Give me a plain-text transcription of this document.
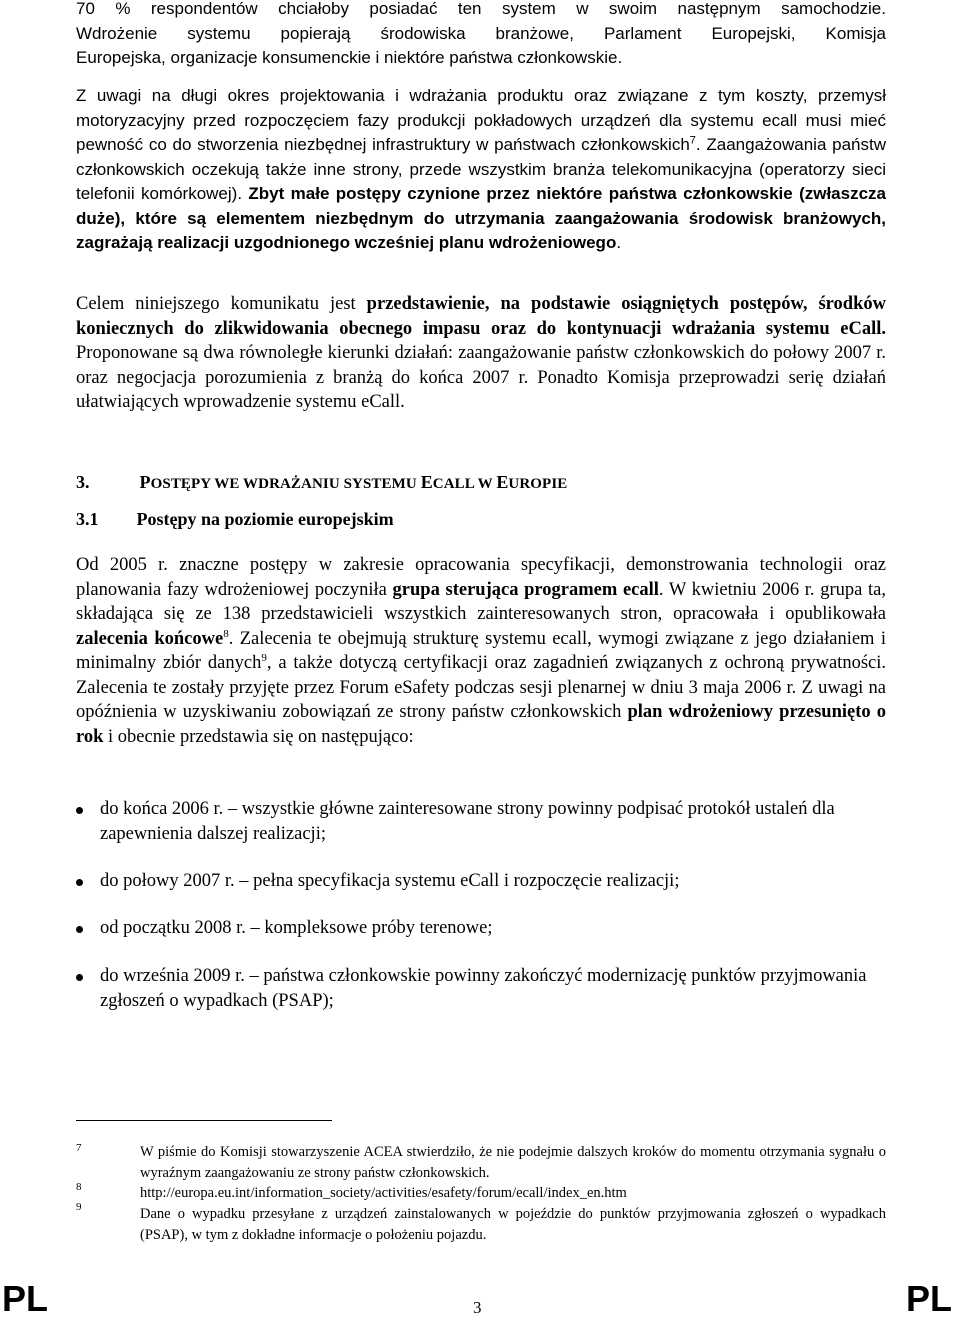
70 % respondentów chciałoby posiadać ten system w swoim następnym samochodzie.

Wdrożenie systemu popierają środowiska branżowe, Parlament Europejski, Komisja

Europejska, organizacje konsumenckie i niektóre państwa członkowskie.

Z uwagi na długi okres projektowania i wdrażania produktu oraz związane z tym koszty, przemysł motoryzacyjny przed rozpoczęciem fazy produkcji pokładowych urządzeń dla systemu ecall musi mieć pewność co do stworzenia niezbędnej infrastruktury w państwach członkowskich$^7$. Zaangażowania państw członkowskich oczekują także inne strony, przede wszystkim branża telekomunikacyjna (operatorzy sieci telefonii komórkowej). Zbyt małe postępy czynione przez niektóre państwa członkowskie (zwłaszcza duże), które są elementem niezbędnym do utrzymania zaangażowania środowisk branżowych, zagrażają realizacji uzgodnionego wcześniej planu wdrożeniowego.

Celem niniejszego komunikatu jest przedstawienie, na podstawie osiągniętych postępów, środków koniecznych do zlikwidowania obecnego impasu oraz do kontynuacji wdrażania systemu eCall. Proponowane są dwa równoległe kierunki działań: zaangażowanie państw członkowskich do połowy 2007 r. oraz negocjacja porozumienia z branżą do końca 2007 r. Ponadto Komisja przeprowadzi serię działań ułatwiających wprowadzenie systemu eCall.

3.	POSTĘPY WE WDRAŻANIU SYSTEMU ECALL W EUROPIE
3.1 Postępy na poziomie europejskim

Od 2005 r. znaczne postępy w zakresie opracowania specyfikacji, demonstrowania technologii oraz planowania fazy wdrożeniowej poczyniła grupa sterująca programem ecall. W kwietniu 2006 r. grupa ta, składająca się ze 138 przedstawicieli wszystkich zainteresowanych stron, opracowała i opublikowała zalecenia końcowe$^8$. Zalecenia te obejmują strukturę systemu ecall, wymogi związane z jego działaniem i minimalny zbiór danych$^9$, a także dotyczą certyfikacji oraz zagadnień związanych z ochroną prywatności. Zalecenia te zostały przyjęte przez Forum eSafety podczas sesji plenarnej w dniu 3 maja 2006 r. Z uwagi na opóźnienia w uzyskiwaniu zobowiązań ze strony państw członkowskich plan wdrożeniowy przesunięto o rok i obecnie przedstawia się on następująco:

do końca 2006 r. – wszystkie główne zainteresowane strony powinny podpisać protokół ustaleń dla zapewnienia dalszej realizacji;
do połowy 2007 r. – pełna specyfikacja systemu eCall i rozpoczęcie realizacji;
od początku 2008 r. – kompleksowe próby terenowe;
do września 2009 r. – państwa członkowskie powinny zakończyć modernizację punktów przyjmowania zgłoszeń o wypadkach (PSAP);
7	W piśmie do Komisji stowarzyszenie ACEA stwierdziło, że nie podejmie dalszych kroków do momentu otrzymania sygnału o wyraźnym zaangażowaniu ze strony państw członkowskich.

8	http://europa.eu.int/information_society/activities/esafety/forum/ecall/index_en.htm

9	Dane o wypadku przesyłane z urządzeń zainstalowanych w pojeździe do punktów przyjmowania zgłoszeń o wypadkach (PSAP), w tym z dokładne informacje o położeniu pojazdu.

PL	3	PL
